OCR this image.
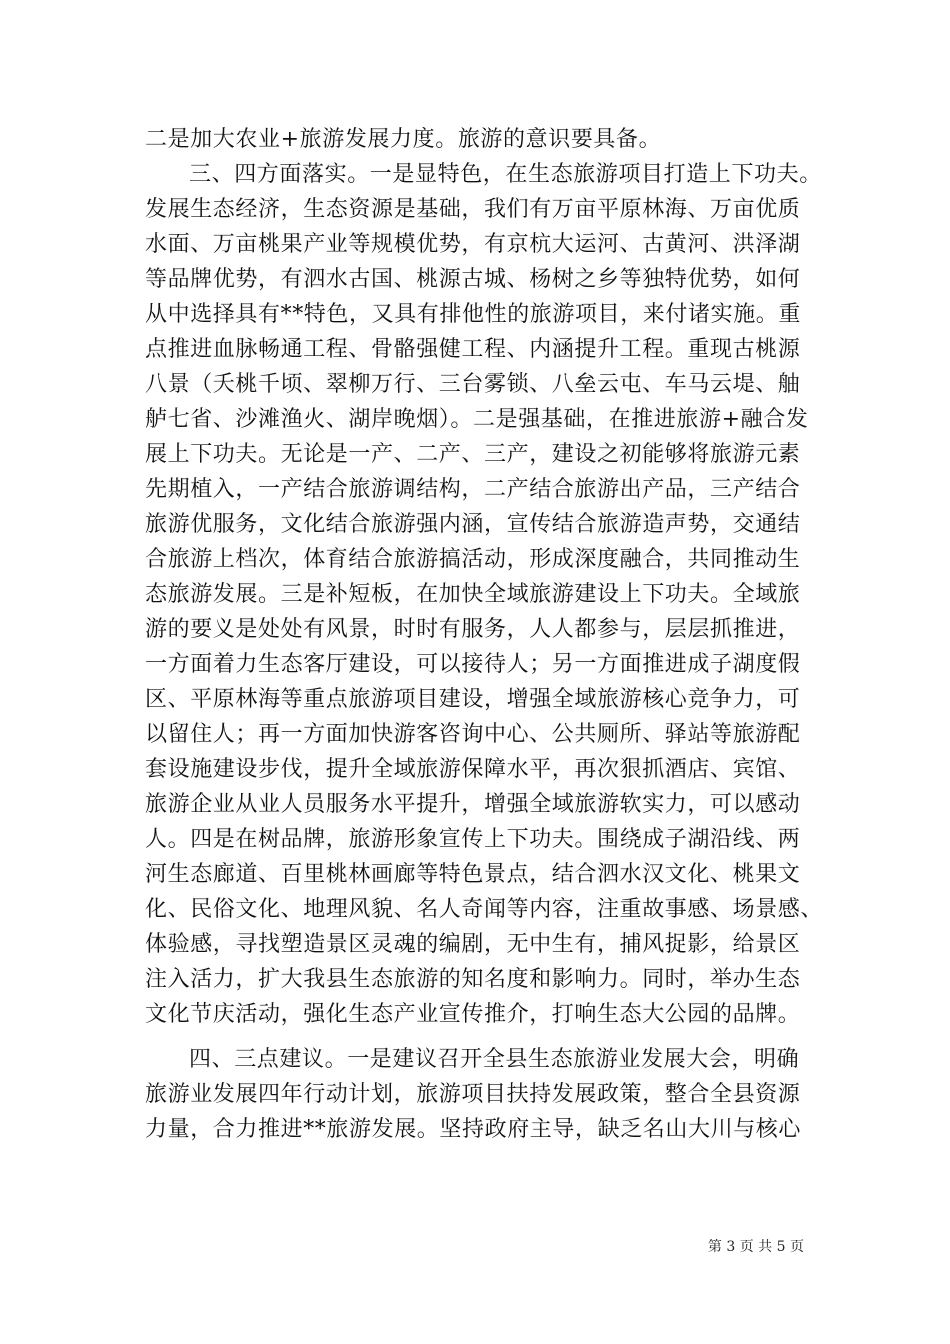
二是加大农业+旅游发展力度。旅游的意识要具备。
三、四方面落实。一是显特色，在生态旅游项目打造上下功夫。
发展生态经济，生态资源是基础，我们有万亩平原林海、万亩优质
水面、万亩桃果产业等规模优势，有京杭大运河、古黄河、洪泽湖
等品牌优势，有泗水古国、桃源古城、杨树之乡等独特优势，如何
从中选择具有**特色，又具有排他性的旅游项目，来付诸实施。重
点推进血脉畅通工程、骨骼强健工程、内涵提升工程。重现古桃源
八景（夭桃千顷、翠柳万行、三台雾锁、八垒云屯、车马云堤、舳
舻七省、沙滩渔火、湖岸晚烟）。二是强基础，在推进旅游+融合发
展上下功夫。无论是一产、二产、三产，建设之初能够将旅游元素
先期植入，一产结合旅游调结构，二产结合旅游出产品，三产结合
旅游优服务，文化结合旅游强内涵，宣传结合旅游造声势，交通结
合旅游上档次，体育结合旅游搞活动，形成深度融合，共同推动生
态旅游发展。三是补短板，在加快全域旅游建设上下功夫。全域旅
游的要义是处处有风景，时时有服务，人人都参与，层层抓推进，
一方面着力生态客厅建设，可以接待人；另一方面推进成子湖度假
区、平原林海等重点旅游项目建设，增强全域旅游核心竞争力，可
以留住人；再一方面加快游客咨询中心、公共厕所、驿站等旅游配
套设施建设步伐，提升全域旅游保障水平，再次狠抓酒店、宾馆、
旅游企业从业人员服务水平提升，增强全域旅游软实力，可以感动
人。四是在树品牌，旅游形象宣传上下功夫。围绕成子湖沿线、两
河生态廊道、百里桃林画廊等特色景点，结合泗水汉文化、桃果文
化、民俗文化、地理风貌、名人奇闻等内容，注重故事感、场景感、
体验感，寻找塑造景区灵魂的编剧，无中生有，捕风捉影，给景区
注入活力，扩大我县生态旅游的知名度和影响力。同时，举办生态
文化节庆活动，强化生态产业宣传推介，打响生态大公园的品牌。
四、三点建议。一是建议召开全县生态旅游业发展大会，明确
旅游业发展四年行动计划，旅游项目扶持发展政策，整合全县资源
力量，合力推进**旅游发展。坚持政府主导，缺乏名山大川与核心
第 3 页 共 5 页
